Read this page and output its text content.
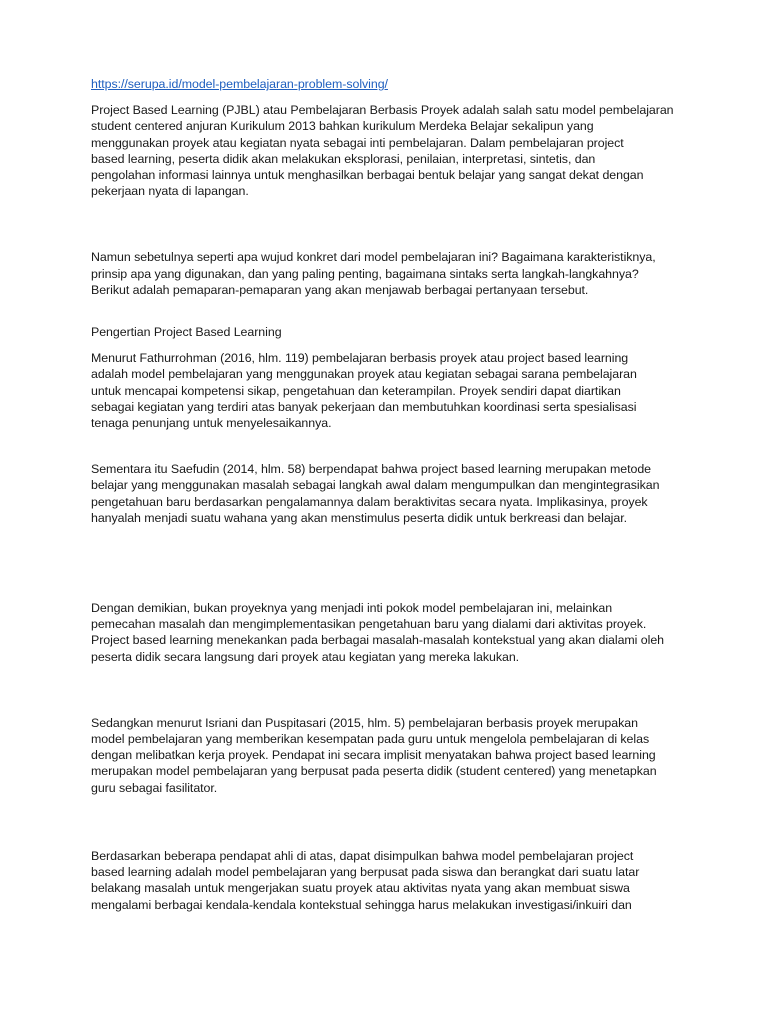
https://serupa.id/model-pembelajaran-problem-solving/
Project Based Learning (PJBL) atau Pembelajaran Berbasis Proyek adalah salah satu model pembelajaran
student centered anjuran Kurikulum 2013 bahkan kurikulum Merdeka Belajar sekalipun yang
menggunakan proyek atau kegiatan nyata sebagai inti pembelajaran. Dalam pembelajaran project
based learning, peserta didik akan melakukan eksplorasi, penilaian, interpretasi, sintetis, dan
pengolahan informasi lainnya untuk menghasilkan berbagai bentuk belajar yang sangat dekat dengan
pekerjaan nyata di lapangan.
Namun sebetulnya seperti apa wujud konkret dari model pembelajaran ini? Bagaimana karakteristiknya,
prinsip apa yang digunakan, dan yang paling penting, bagaimana sintaks serta langkah-langkahnya?
Berikut adalah pemaparan-pemaparan yang akan menjawab berbagai pertanyaan tersebut.
Pengertian Project Based Learning
Menurut Fathurrohman (2016, hlm. 119) pembelajaran berbasis proyek atau project based learning
adalah model pembelajaran yang menggunakan proyek atau kegiatan sebagai sarana pembelajaran
untuk mencapai kompetensi sikap, pengetahuan dan keterampilan. Proyek sendiri dapat diartikan
sebagai kegiatan yang terdiri atas banyak pekerjaan dan membutuhkan koordinasi serta spesialisasi
tenaga penunjang untuk menyelesaikannya.
Sementara itu Saefudin (2014, hlm. 58) berpendapat bahwa project based learning merupakan metode
belajar yang menggunakan masalah sebagai langkah awal dalam mengumpulkan dan mengintegrasikan
pengetahuan baru berdasarkan pengalamannya dalam beraktivitas secara nyata. Implikasinya, proyek
hanyalah menjadi suatu wahana yang akan menstimulus peserta didik untuk berkreasi dan belajar.
Dengan demikian, bukan proyeknya yang menjadi inti pokok model pembelajaran ini, melainkan
pemecahan masalah dan mengimplementasikan pengetahuan baru yang dialami dari aktivitas proyek.
Project based learning menekankan pada berbagai masalah-masalah kontekstual yang akan dialami oleh
peserta didik secara langsung dari proyek atau kegiatan yang mereka lakukan.
Sedangkan menurut Isriani dan Puspitasari (2015, hlm. 5) pembelajaran berbasis proyek merupakan
model pembelajaran yang memberikan kesempatan pada guru untuk mengelola pembelajaran di kelas
dengan melibatkan kerja proyek. Pendapat ini secara implisit menyatakan bahwa project based learning
merupakan model pembelajaran yang berpusat pada peserta didik (student centered) yang menetapkan
guru sebagai fasilitator.
Berdasarkan beberapa pendapat ahli di atas, dapat disimpulkan bahwa model pembelajaran project
based learning adalah model pembelajaran yang berpusat pada siswa dan berangkat dari suatu latar
belakang masalah untuk mengerjakan suatu proyek atau aktivitas nyata yang akan membuat siswa
mengalami berbagai kendala-kendala kontekstual sehingga harus melakukan investigasi/inkuiri dan
